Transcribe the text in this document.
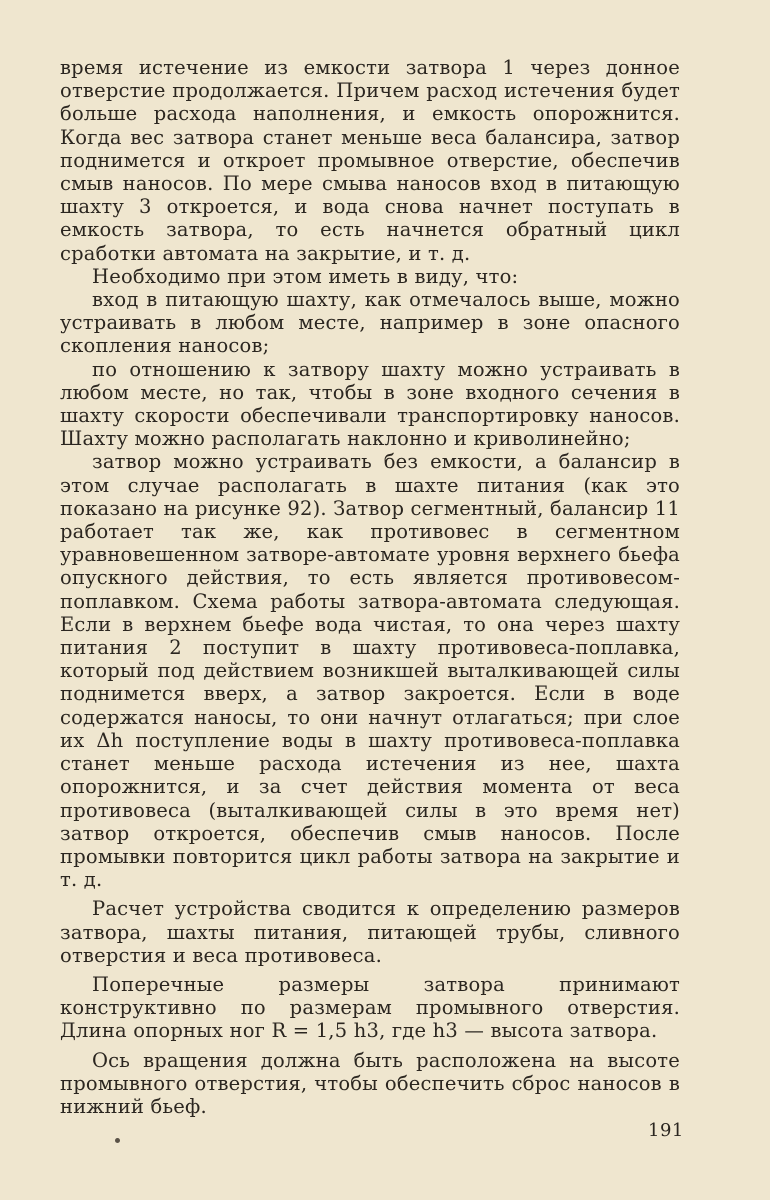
время истечение из емкости затвора 1 через донное отверстие продолжается. Причем расход истечения будет больше расхода наполнения, и емкость опорожнится. Когда вес затвора станет меньше веса балансира, затвор поднимется и откроет промывное отверстие, обеспечив смыв наносов. По мере смыва наносов вход в питающую шахту 3 откроется, и вода снова начнет поступать в емкость затвора, то есть начнется обратный цикл сработки автомата на закрытие, и т. д.

Необходимо при этом иметь в виду, что:

вход в питающую шахту, как отмечалось выше, можно устраивать в любом месте, например в зоне опасного скопления наносов;

по отношению к затвору шахту можно устраивать в любом месте, но так, чтобы в зоне входного сечения в шахту скорости обеспечивали транспортировку наносов. Шахту можно располагать наклонно и криволинейно;

затвор можно устраивать без емкости, а балансир в этом случае располагать в шахте питания (как это показано на рисунке 92). Затвор сегментный, балансир 11 работает так же, как противовес в сегментном уравновешенном затворе-автомате уровня верхнего бьефа опускного действия, то есть является противовесом-поплавком. Схема работы затвора-автомата следующая. Если в верхнем бьефе вода чистая, то она через шахту питания 2 поступит в шахту противовеса-поплавка, который под действием возникшей выталкивающей силы поднимется вверх, а затвор закроется. Если в воде содержатся наносы, то они начнут отлагаться; при слое их Δh поступление воды в шахту противовеса-поплавка станет меньше расхода истечения из нее, шахта опорожнится, и за счет действия момента от веса противовеса (выталкивающей силы в это время нет) затвор откроется, обеспечив смыв наносов. После промывки повторится цикл работы затвора на закрытие и т. д.

Расчет устройства сводится к определению размеров затвора, шахты питания, питающей трубы, сливного отверстия и веса противовеса.

Поперечные размеры затвора принимают конструктивно по размерам промывного отверстия. Длина опорных ног R = 1,5 h3, где h3 — высота затвора.

Ось вращения должна быть расположена на высоте промывного отверстия, чтобы обеспечить сброс наносов в нижний бьеф.

191
